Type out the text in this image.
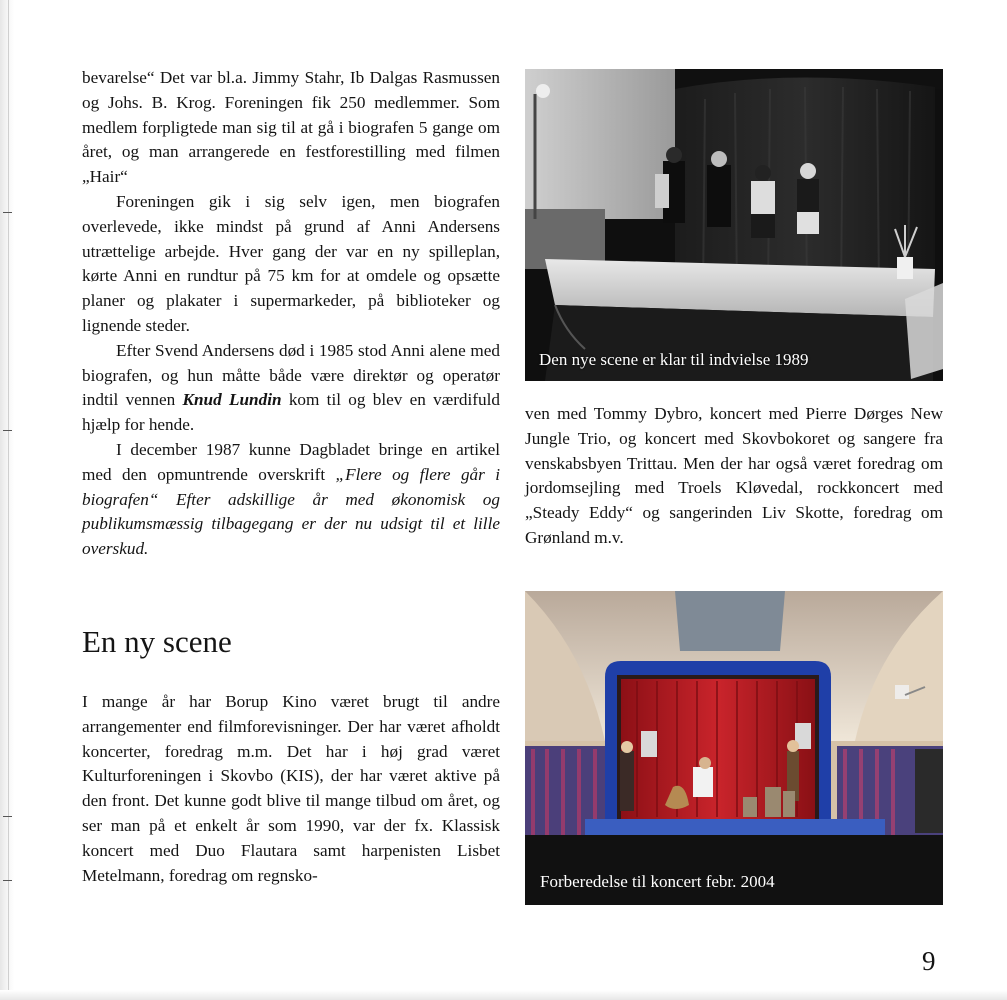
bevarelse“ Det var bl.a. Jimmy Stahr, Ib Dalgas Rasmussen og Johs. B. Krog. Foreningen fik 250 medlemmer. Som medlem forpligtede man sig til at gå i biografen 5 gange om året, og man arrangerede en festforestilling med filmen „Hair“

Foreningen gik i sig selv igen, men biografen overlevede, ikke mindst på grund af Anni Andersens utrættelige arbejde. Hver gang der var en ny spilleplan, kørte Anni en rundtur på 75 km for at omdele og opsætte planer og plakater i supermarkeder, på biblioteker og lignende steder.

Efter Svend Andersens død i 1985 stod Anni alene med biografen, og hun måtte både være direktør og operatør indtil vennen Knud Lundin kom til og blev en værdifuld hjælp for hende.

I december 1987 kunne Dagbladet bringe en artikel med den opmuntrende overskrift „Flere og flere går i biografen“ Efter adskillige år med økonomisk og publikumsmæssig tilbagegang er der nu udsigt til et lille overskud.

En ny scene

I mange år har Borup Kino været brugt til andre arrangementer end filmforevisninger. Der har været afholdt koncerter, foredrag m.m. Det har i høj grad været Kulturforeningen i Skovbo (KIS), der har været aktive på den front. Det kunne godt blive til mange tilbud om året, og ser man på et enkelt år som 1990, var der fx. Klassisk koncert med Duo Flautara samt harpenisten Lisbet Metelmann, foredrag om regnsko-

Den nye scene er klar til indvielse 1989

ven med Tommy Dybro, koncert med Pierre Dørges New Jungle Trio, og koncert med Skovbokoret og sangere fra venskabsbyen Trittau. Men der har også været foredrag om jordomsejling med Troels Kløvedal, rockkoncert med „Steady Eddy“ og sangerinden Liv Skotte, foredrag om Grønland m.v.

Forberedelse til koncert febr. 2004
9
